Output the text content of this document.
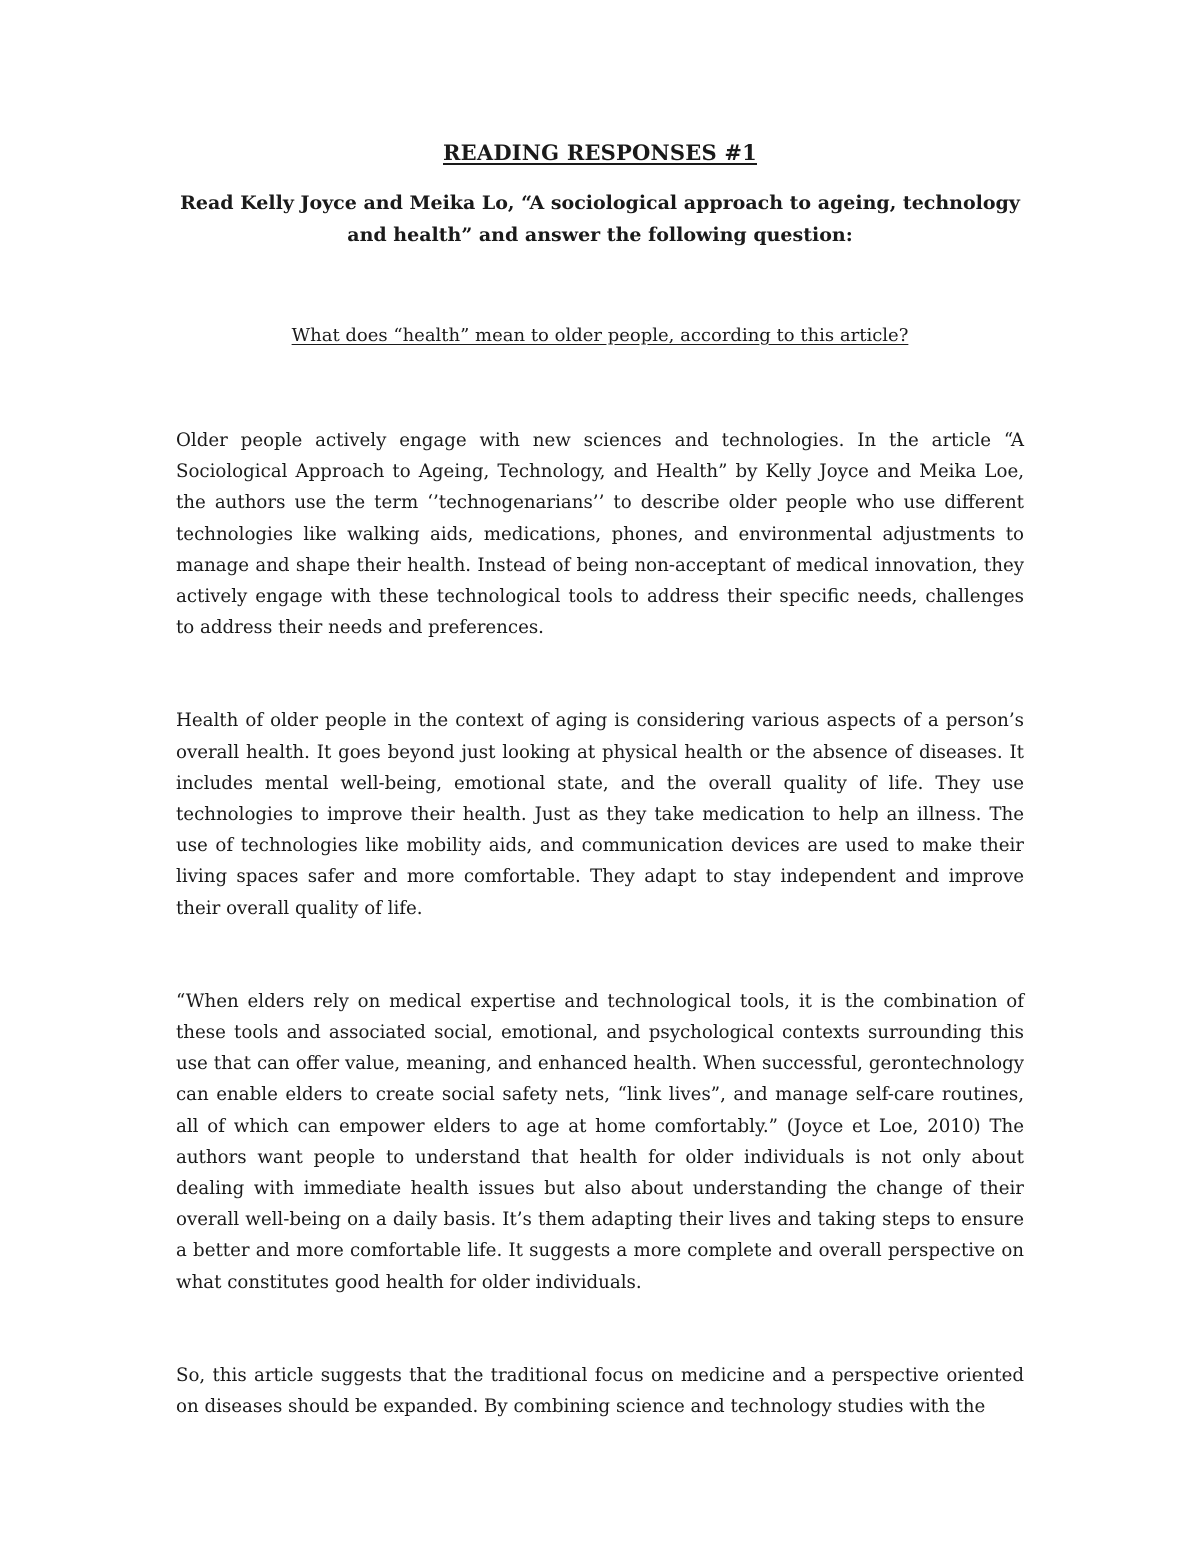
READING RESPONSES #1

Read Kelly Joyce and Meika Lo, “A sociological approach to ageing, technology and health” and answer the following question:

What does “health” mean to older people, according to this article?

Older people actively engage with new sciences and technologies. In the article “A Sociological Approach to Ageing, Technology, and Health” by Kelly Joyce and Meika Loe, the authors use the term ‘’technogenarians’’ to describe older people who use different technologies like walking aids, medications, phones, and environmental adjustments to manage and shape their health. Instead of being non-acceptant of medical innovation, they actively engage with these technological tools to address their specific needs, challenges to address their needs and preferences.

Health of older people in the context of aging is considering various aspects of a person’s overall health. It goes beyond just looking at physical health or the absence of diseases. It includes mental well-being, emotional state, and the overall quality of life. They use technologies to improve their health. Just as they take medication to help an illness. The use of technologies like mobility aids, and communication devices are used to make their living spaces safer and more comfortable. They adapt to stay independent and improve their overall quality of life.

“When elders rely on medical expertise and technological tools, it is the combination of these tools and associated social, emotional, and psychological contexts surrounding this use that can offer value, meaning, and enhanced health. When successful, gerontechnology can enable elders to create social safety nets, “link lives”, and manage self-care routines, all of which can empower elders to age at home comfortably.” (Joyce et Loe, 2010) The authors want people to understand that health for older individuals is not only about dealing with immediate health issues but also about understanding the change of their overall well-being on a daily basis. It’s them adapting their lives and taking steps to ensure a better and more comfortable life. It suggests a more complete and overall perspective on what constitutes good health for older individuals.

So, this article suggests that the traditional focus on medicine and a perspective oriented on diseases should be expanded. By combining science and technology studies with the
